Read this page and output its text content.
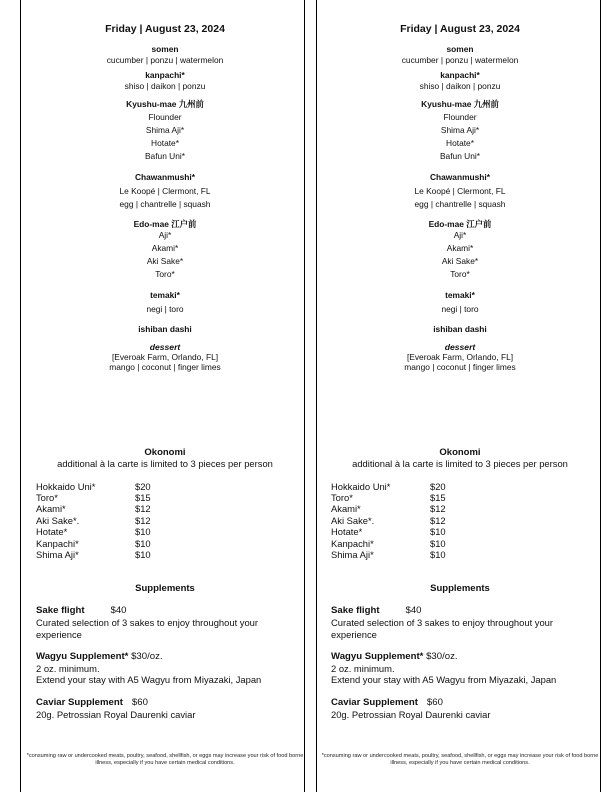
Friday | August 23, 2024
somen
cucumber | ponzu | watermelon
kanpachi*
shiso | daikon | ponzu
Kyushu-mae 九州前
Flounder
Shima Aji*
Hotate*
Bafun Uni*
Chawanmushi*
Le Koopé | Clermont, FL
egg | chantrelle | squash
Edo-mae 江户前
Aji*
Akami*
Aki Sake*
Toro*
temaki*
negi | toro
ishiban dashi
dessert
[Everoak Farm, Orlando, FL]
mango | coconut | finger limes
Okonomi
additional à la carte is limited to 3 pieces per person
Hokkaido Uni*	$20
Toro*	$15
Akami*	$12
Aki Sake*.	$12
Hotate*	$10
Kanpachi*	$10
Shima Aji*	$10
Supplements
Sake flight	$40
Curated selection of 3 sakes to enjoy throughout your experience
Wagyu Supplement* $30/oz.
2 oz. minimum.
Extend your stay with A5 Wagyu from Miyazaki, Japan
Caviar Supplement $60
20g. Petrossian Royal Daurenki caviar
*consuming raw or undercooked meats, poultry, seafood, shellfish, or eggs may increase your risk of food borne illness, especially if you have certain medical conditions.
Friday | August 23, 2024
somen
cucumber | ponzu | watermelon
kanpachi*
shiso | daikon | ponzu
Kyushu-mae 九州前
Flounder
Shima Aji*
Hotate*
Bafun Uni*
Chawanmushi*
Le Koopé | Clermont, FL
egg | chantrelle | squash
Edo-mae 江户前
Aji*
Akami*
Aki Sake*
Toro*
temaki*
negi | toro
ishiban dashi
dessert
[Everoak Farm, Orlando, FL]
mango | coconut | finger limes
Okonomi
additional à la carte is limited to 3 pieces per person
Hokkaido Uni*	$20
Toro*	$15
Akami*	$12
Aki Sake*.	$12
Hotate*	$10
Kanpachi*	$10
Shima Aji*	$10
Supplements
Sake flight	$40
Curated selection of 3 sakes to enjoy throughout your experience
Wagyu Supplement* $30/oz.
2 oz. minimum.
Extend your stay with A5 Wagyu from Miyazaki, Japan
Caviar Supplement $60
20g. Petrossian Royal Daurenki caviar
*consuming raw or undercooked meats, poultry, seafood, shellfish, or eggs may increase your risk of food borne illness, especially if you have certain medical conditions.
